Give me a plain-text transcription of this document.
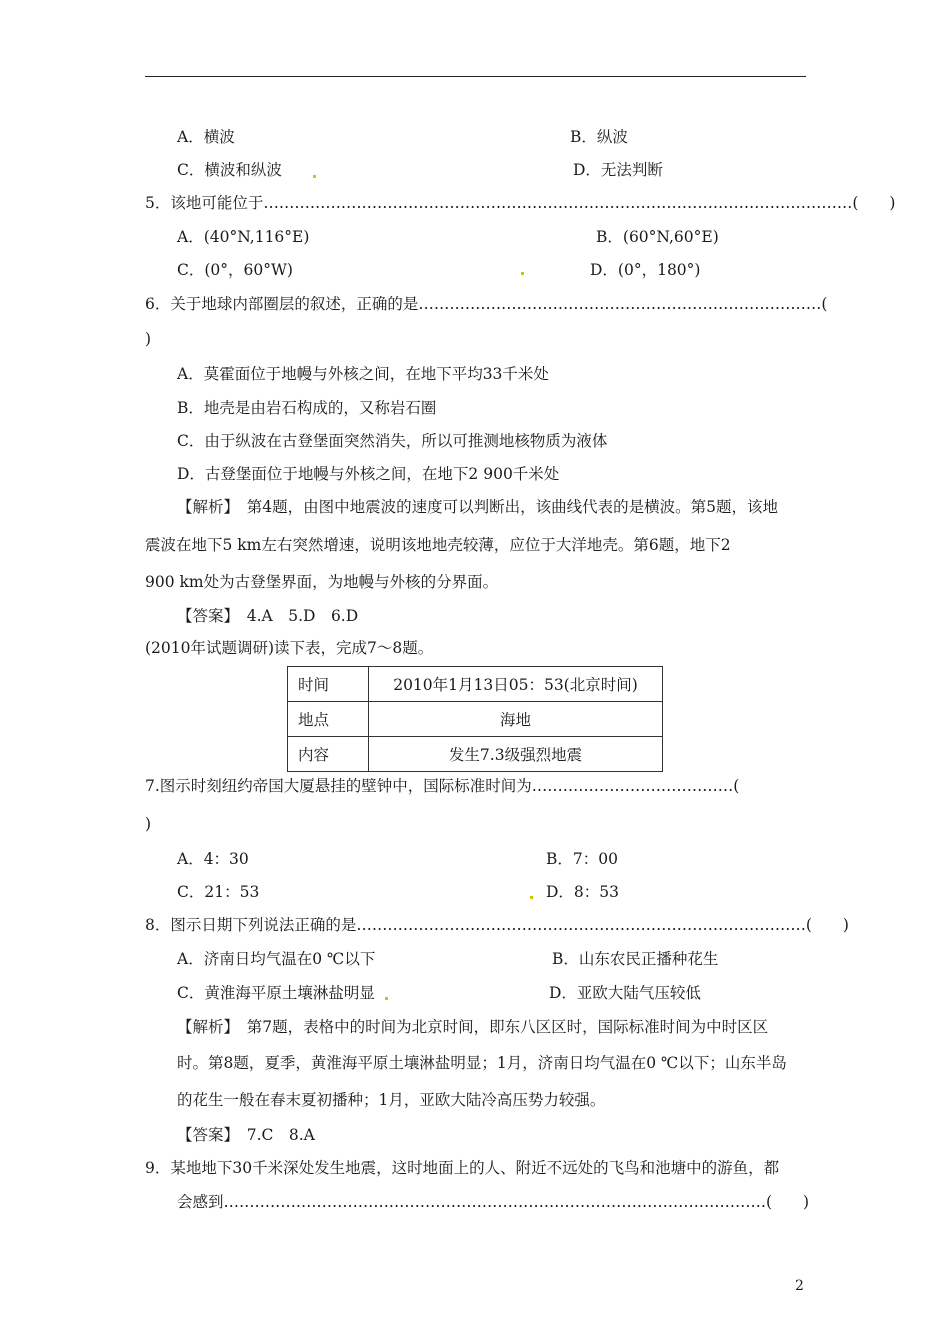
A．横波	B．纵波
C．横波和纵波	D．无法判断
5．该地可能位于……………………………………………………………………………………………………(　　)
A．(40°N,116°E)	B．(60°N,60°E)
C．(0°，60°W)	D．(0°，180°)
6．关于地球内部圈层的叙述，正确的是……………………………………………………………………(
)
A．莫霍面位于地幔与外核之间，在地下平均33千米处
B．地壳是由岩石构成的，又称岩石圈
C．由于纵波在古登堡面突然消失，所以可推测地核物质为液体
D．古登堡面位于地幔与外核之间，在地下2 900千米处
【解析】　第4题，由图中地震波的速度可以判断出，该曲线代表的是横波。第5题，该地
震波在地下5 km左右突然增速，说明该地地壳较薄，应位于大洋地壳。第6题，地下2
900 km处为古登堡界面，为地幔与外核的分界面。
【答案】　4.A　5.D　6.D
(2010年试题调研)读下表，完成7～8题。
时间	2010年1月13日05：53(北京时间)
地点	海地
内容	发生7.3级强烈地震
7.图示时刻纽约帝国大厦悬挂的壁钟中，国际标准时间为…………………………………(
)
A．4：30	B．7：00
C．21：53	D．8：53
8．图示日期下列说法正确的是……………………………………………………………………………(　　)
A．济南日均气温在0 ℃以下	B．山东农民正播种花生
C．黄淮海平原土壤淋盐明显	D．亚欧大陆气压较低
【解析】　第7题，表格中的时间为北京时间，即东八区区时，国际标准时间为中时区区
时。第8题，夏季，黄淮海平原土壤淋盐明显；1月，济南日均气温在0 ℃以下；山东半岛
的花生一般在春末夏初播种；1月，亚欧大陆冷高压势力较强。
【答案】　7.C　8.A
9．某地地下30千米深处发生地震，这时地面上的人、附近不远处的飞鸟和池塘中的游鱼，都
会感到……………………………………………………………………………………………(　　)
2
